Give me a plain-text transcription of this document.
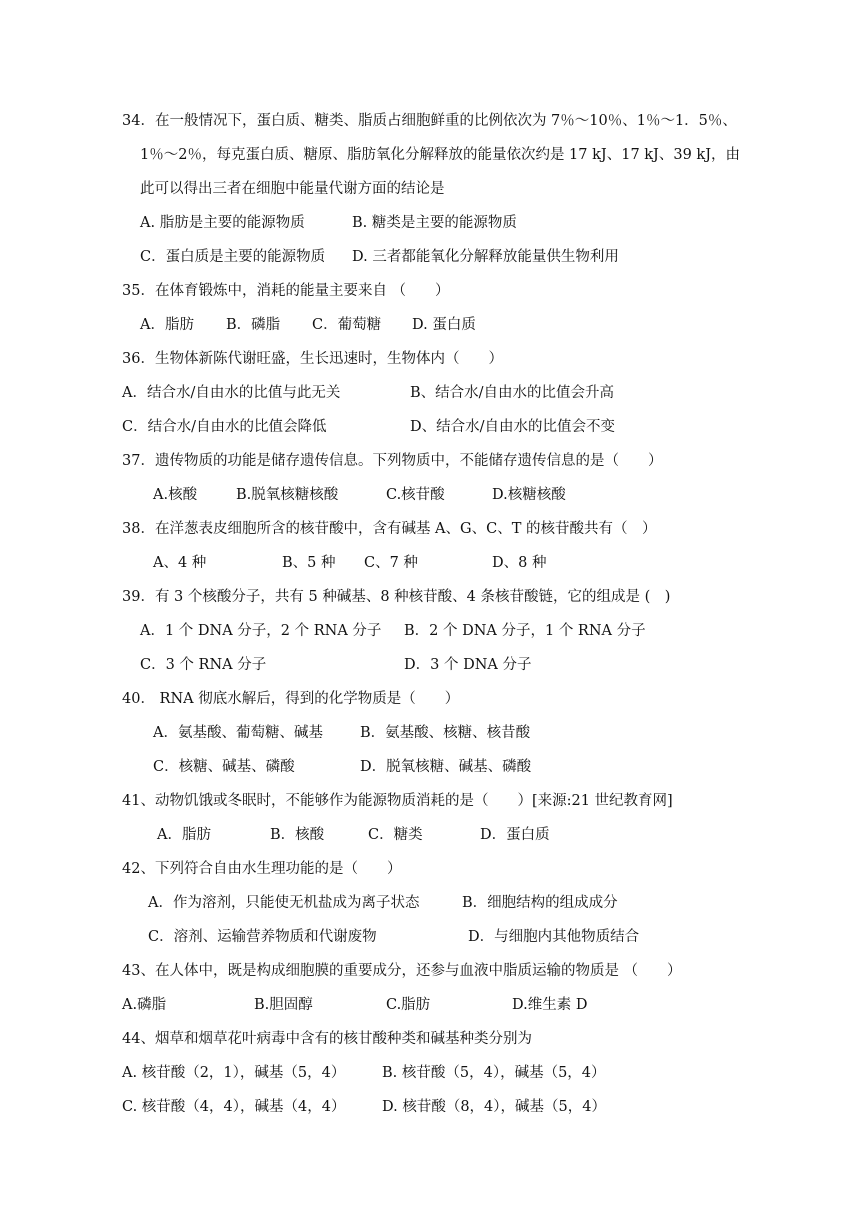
34．在一般情况下，蛋白质、糖类、脂质占细胞鲜重的比例依次为 7％～10％、1％～1．5％、
1％～2％，每克蛋白质、糖原、脂肪氧化分解释放的能量依次约是 17 kJ、17 kJ、39 kJ，由
此可以得出三者在细胞中能量代谢方面的结论是
A. 脂肪是主要的能源物质	B. 糖类是主要的能源物质
C．蛋白质是主要的能源物质 D. 三者都能氧化分解释放能量供生物利用
35．在体育锻炼中，消耗的能量主要来自 （　　）
A．脂肪 B．磷脂 C．葡萄糖 D. 蛋白质
36．生物体新陈代谢旺盛，生长迅速时，生物体内（　　）
A．结合水/自由水的比值与此无关	B、结合水/自由水的比值会升高
C．结合水/自由水的比值会降低	D、结合水/自由水的比值会不变
37．遗传物质的功能是储存遗传信息。下列物质中，不能储存遗传信息的是（　　）
A.核酸	B.脱氧核糖核酸	C.核苷酸	D.核糖核酸
38．在洋葱表皮细胞所含的核苷酸中，含有碱基 A、G、C、T 的核苷酸共有（　）
A、4 种	B、5 种 C、7 种	D、8 种
39．有 3 个核酸分子，共有 5 种碱基、8 种核苷酸、4 条核苷酸链，它的组成是 (　)
A．1 个 DNA 分子，2 个 RNA 分子 B．2 个 DNA 分子，1 个 RNA 分子
C．3 个 RNA 分子	D．3 个 DNA 分子
40． RNA 彻底水解后，得到的化学物质是（　　）
A．氨基酸、葡萄糖、碱基	B．氨基酸、核糖、核昔酸
C．核糖、碱基、磷酸	D．脱氧核糖、碱基、磷酸
41、动物饥饿或冬眠时，不能够作为能源物质消耗的是（　　）[来源:21 世纪教育网]
A．脂肪	B．核酸	C．糖类	D．蛋白质
42、下列符合自由水生理功能的是（　　）
A．作为溶剂，只能使无机盐成为离子状态	B．细胞结构的组成成分
C．溶剂、运输营养物质和代谢废物	D．与细胞内其他物质结合
43、在人体中，既是构成细胞膜的重要成分，还参与血液中脂质运输的物质是 （　　）
A.磷脂	B.胆固醇	C.脂肪	D.维生素 D
44、烟草和烟草花叶病毒中含有的核甘酸种类和碱基种类分别为
A. 核苷酸（2，1），碱基（5，4）	B. 核苷酸（5，4），碱基（5，4）
C. 核苷酸（4，4），碱基（4，4）	D. 核苷酸（8，4），碱基（5，4）
